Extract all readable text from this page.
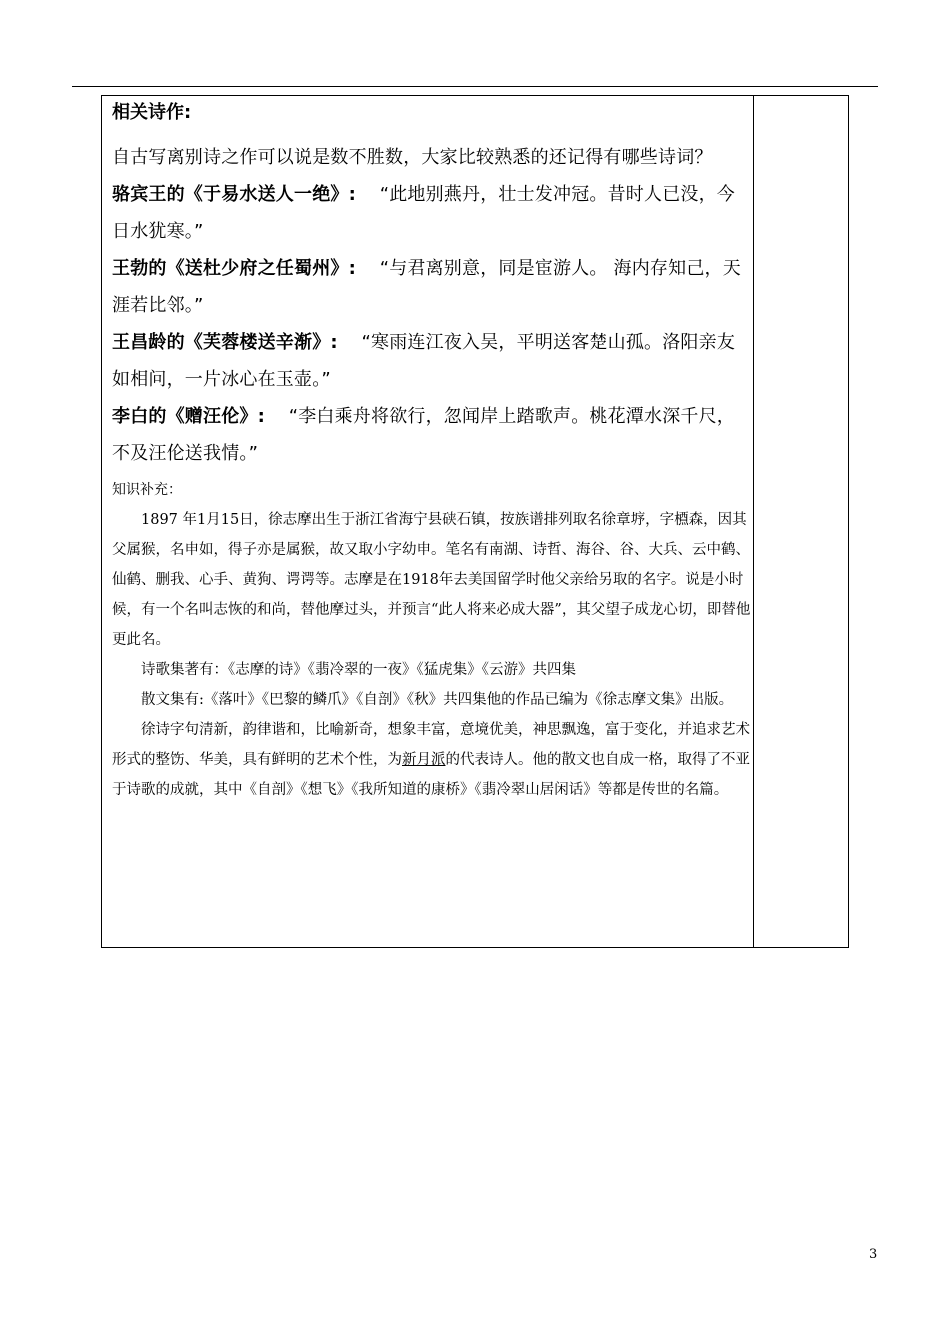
相关诗作:

自古写离别诗之作可以说是数不胜数，大家比较熟悉的还记得有哪些诗词？

骆宾王的《于易水送人一绝》: “此地别燕丹，壮士发冲冠。昔时人已没，今日水犹寒。”

王勃的《送杜少府之任蜀州》: “与君离别意，同是宦游人。 海内存知己，天涯若比邻。”

王昌龄的《芙蓉楼送辛渐》: “寒雨连江夜入吴，平明送客楚山孤。洛阳亲友如相问，一片冰心在玉壶。”

李白的《赠汪伦》: “李白乘舟将欲行，忽闻岸上踏歌声。桃花潭水深千尺，不及汪伦送我情。”

知识补充：

1897 年1月15日，徐志摩出生于浙江省海宁县硖石镇，按族谱排列取名徐章垿，字槱森，因其父属猴，名申如，得子亦是属猴，故又取小字幼申。笔名有南湖、诗哲、海谷、谷、大兵、云中鹤、仙鹤、删我、心手、黄狗、谔谔等。志摩是在1918年去美国留学时他父亲给另取的名字。说是小时候，有一个名叫志恢的和尚，替他摩过头，并预言“此人将来必成大器”，其父望子成龙心切，即替他更此名。

诗歌集著有：《志摩的诗》《翡冷翠的一夜》《猛虎集》《云游》共四集

散文集有:《落叶》《巴黎的鳞爪》《自剖》《秋》共四集他的作品已编为《徐志摩文集》出版。

徐诗字句清新，韵律谐和，比喻新奇，想象丰富，意境优美，神思飘逸，富于变化，并追求艺术形式的整饬、华美，具有鲜明的艺术个性，为新月派的代表诗人。他的散文也自成一格，取得了不亚于诗歌的成就，其中《自剖》《想飞》《我所知道的康桥》《翡冷翠山居闲话》等都是传世的名篇。

3
